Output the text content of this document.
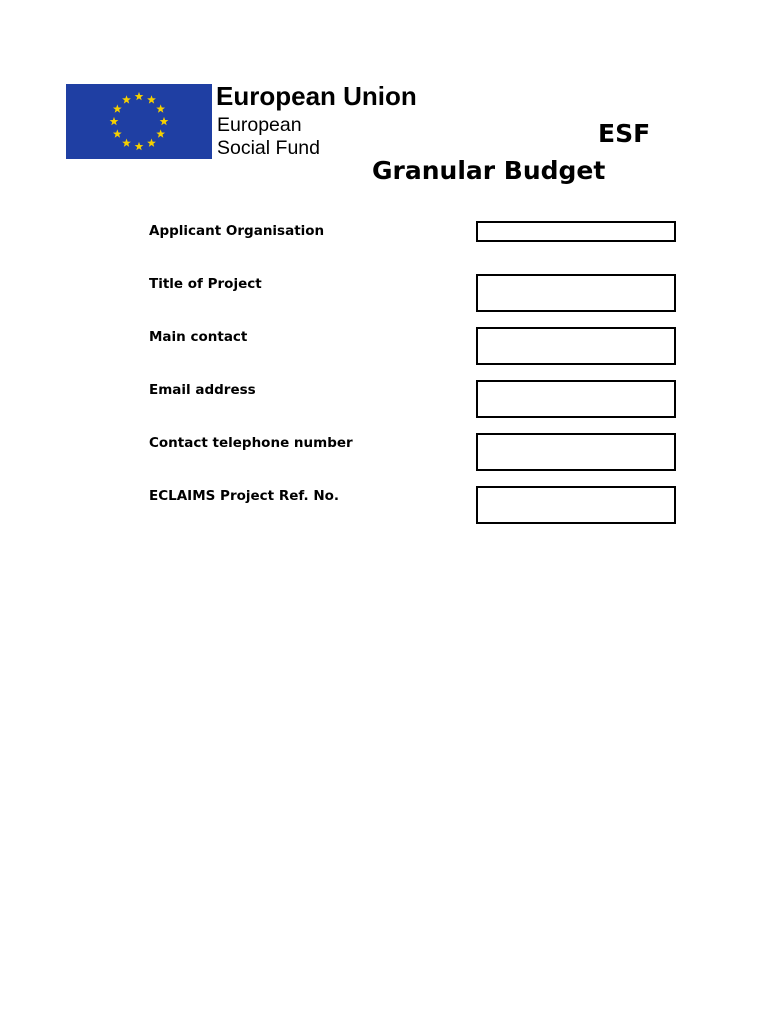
European Union
European
Social Fund	ESF
Granular Budget
Applicant Organisation
Title of Project
Main contact
Email address
Contact telephone number
ECLAIMS Project Ref. No.
